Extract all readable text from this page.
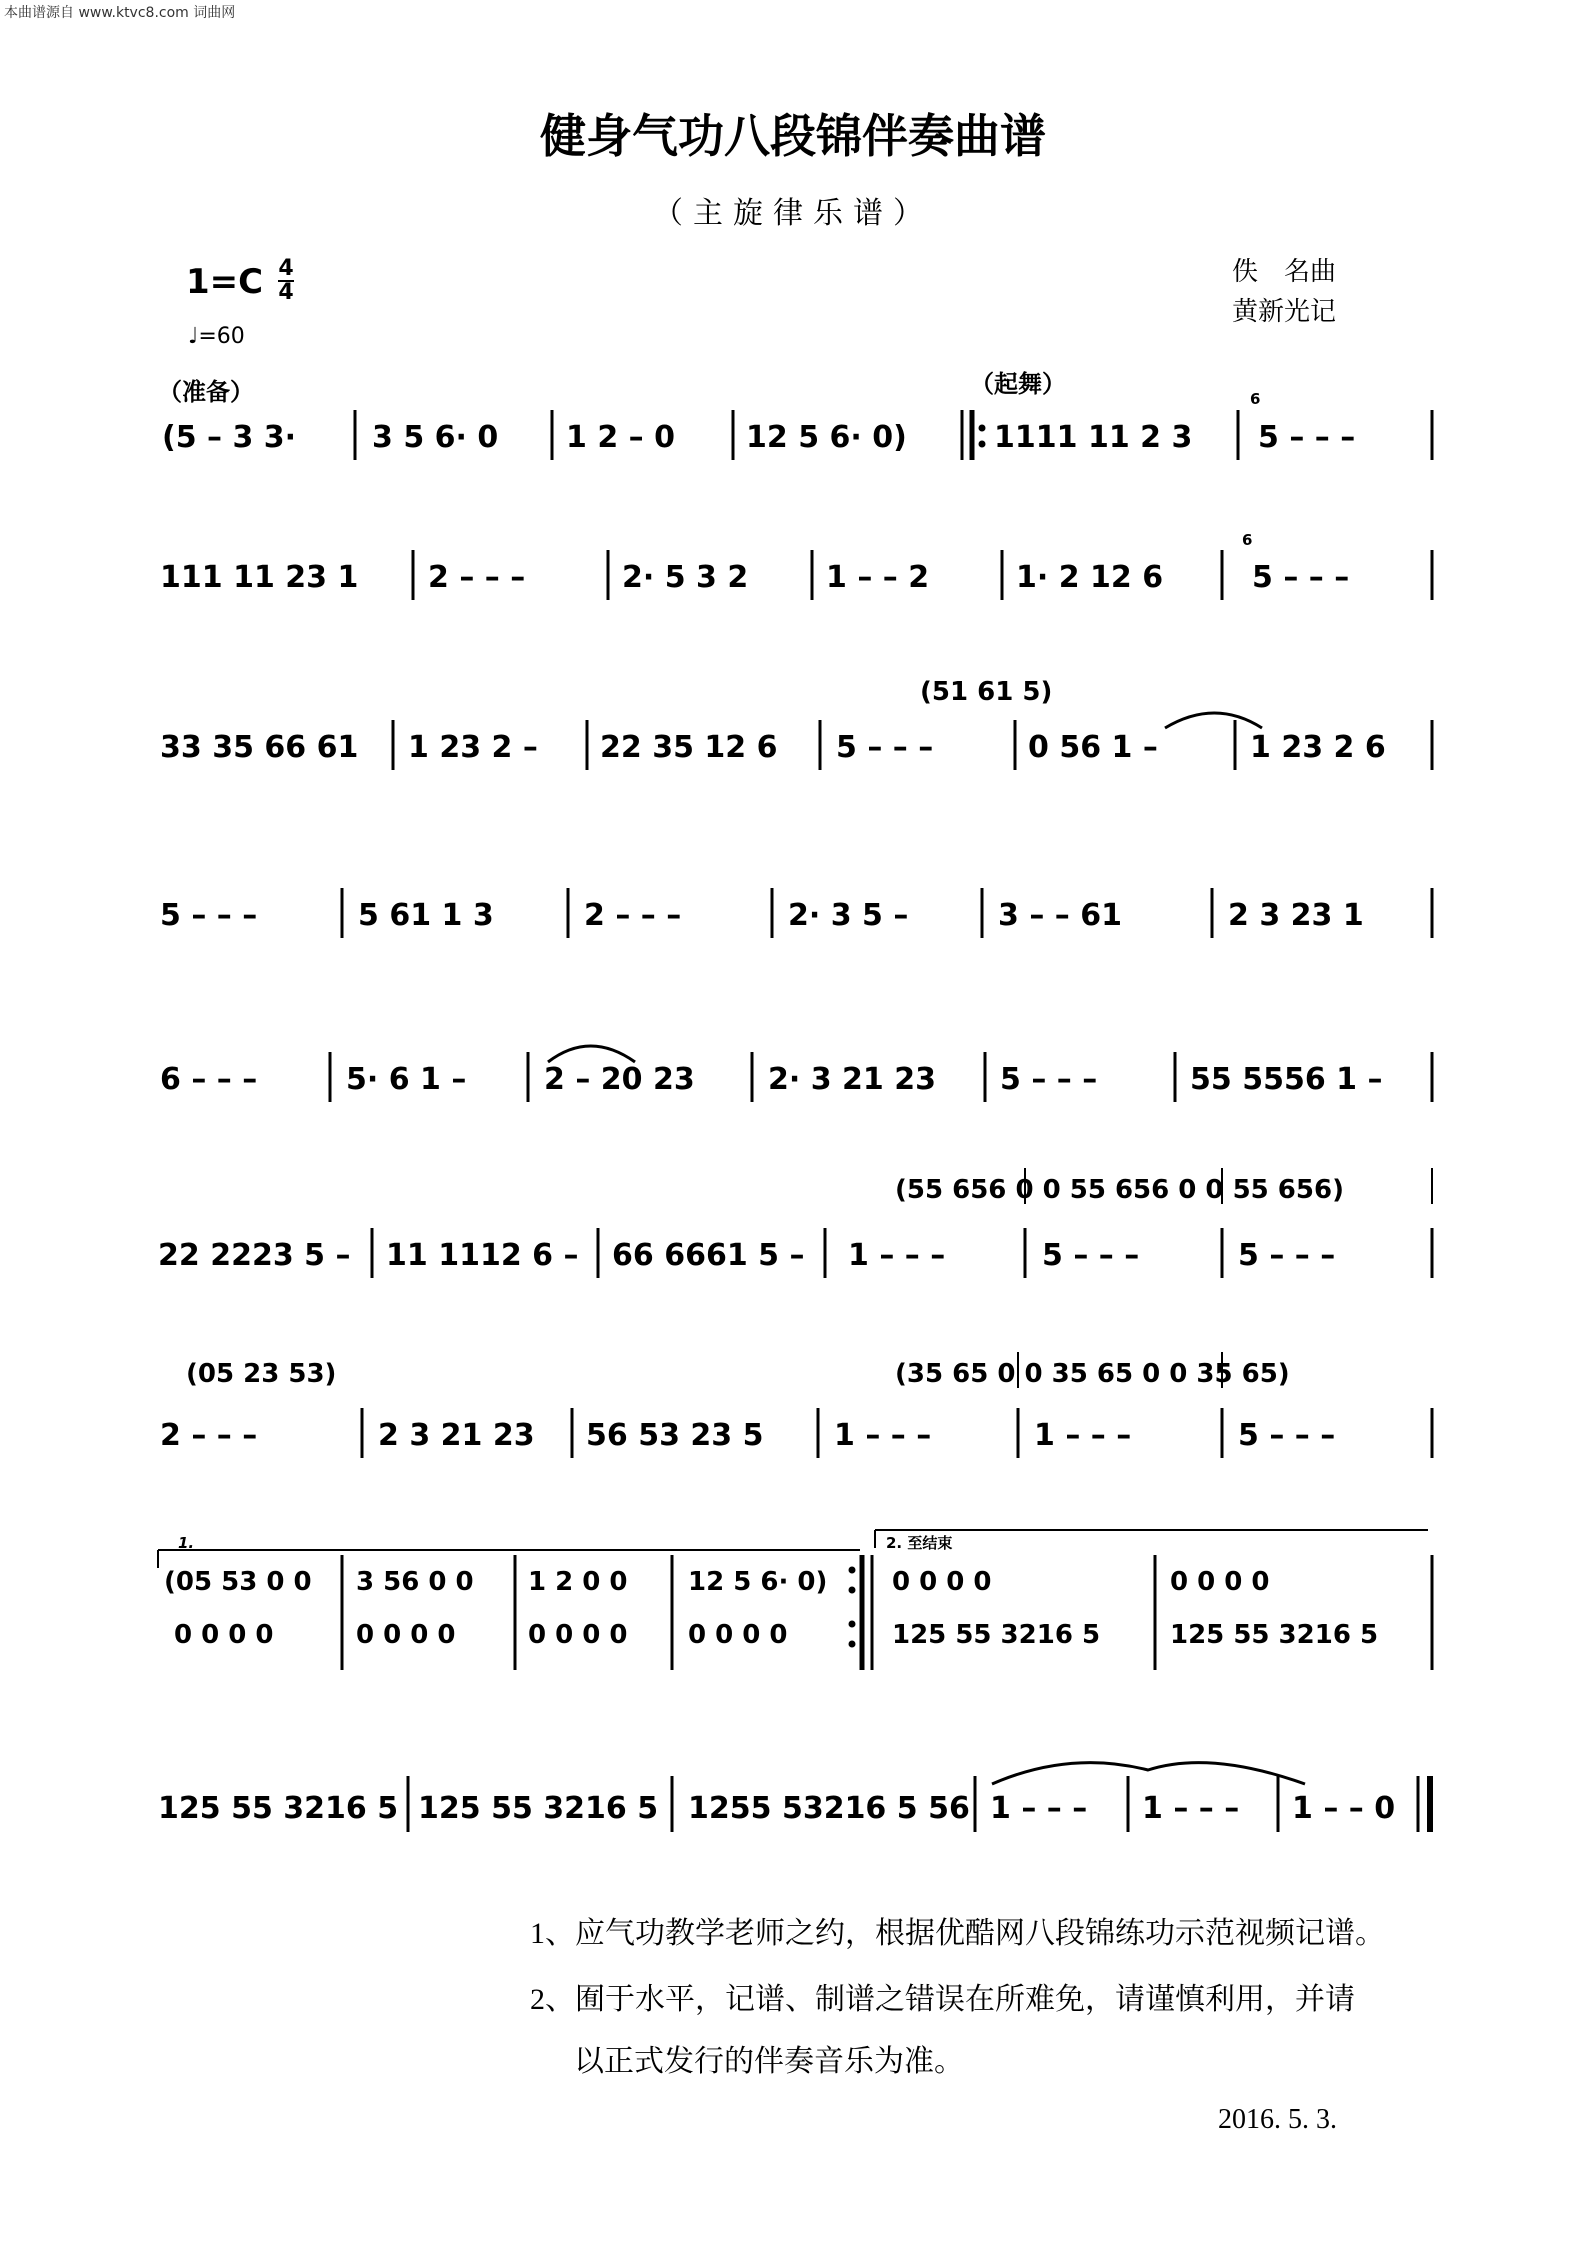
本曲谱源自 www.ktvc8.com 词曲网
健身气功八段锦伴奏曲谱
（主旋律乐谱）
1=C 4
4
♩=60
佚　名曲
黄新光记
（准备）	（起舞）
(5 – 3 3·	3 5 6· 0 1 2 – 0 12 5 6· 0)	1111 11 2 3 5 – – –
6
111 11 23 1 2 – – –	2· 5 3 2	1 – – 2	1· 2 12 6	5 – – –
6
(51 61 5)
33 35 66 61 1 23 2 – 22 35 12 6 5 – – –	0 56 1 –	1 23 2 6
5 – – –	5 61 1 3	2 – – –	2· 3 5 –	3 – – 61	2 3 23 1
6 – – –	5· 6 1 –	2 – 20 23 2· 3 21 23 5 – – –	55 5556 1 –
(55 656 0 0 55 656 0 0 55 656)
22 2223 5 – 11 1112 6 – 66 6661 5 – 1 – – –	5 – – –	5 – – –
(05 23 53)	(35 65 0 0 35 65 0 0 35 65)
2 – – –	2 3 21 23 56 53 23 5 1 – – –	1 – – –	5 – – –
1.	2. 至结束
(05 53 0 0 3 56 0 0 1 2 0 0 12 5 6· 0) 0 0 0 0	0 0 0 0
0 0 0 0	0 0 0 0	0 0 0 0 0 0 0 0	125 55 3216 5	125 55 3216 5
125 55 3216 5 125 55 3216 5 1255 53216 5 56 1 – – – 1 – – – 1 – – 0
1、应气功教学老师之约，根据优酷网八段锦练功示范视频记谱。
2、囿于水平，记谱、制谱之错误在所难免，请谨慎利用，并请
以正式发行的伴奏音乐为准。
2016. 5. 3.
